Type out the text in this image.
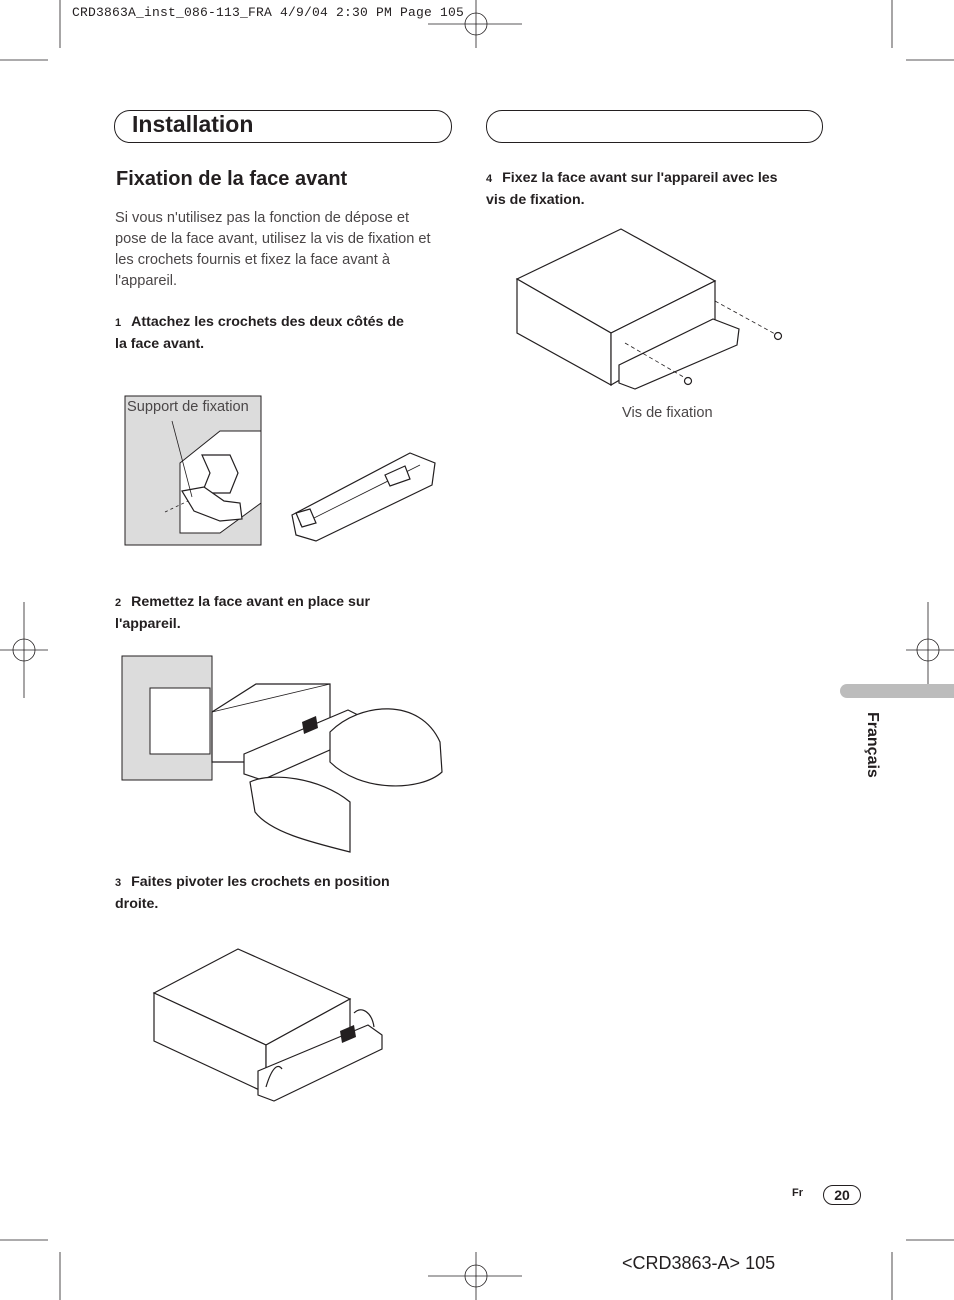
CRD3863A_inst_086-113_FRA 4/9/04 2:30 PM Page 105
Installation
Fixation de la face avant
Si vous n'utilisez pas la fonction de dépose et
pose de la face avant, utilisez la vis de fixation et
les crochets fournis et fixez la face avant à
l'appareil.
1 Attachez les crochets des deux côtés de
la face avant.
Support de fixation
2 Remettez la face avant en place sur
l'appareil.
3 Faites pivoter les crochets en position
droite.
4 Fixez la face avant sur l'appareil avec les
vis de fixation.
Vis de fixation
Français
Fr	20
<CRD3863-A> 105
